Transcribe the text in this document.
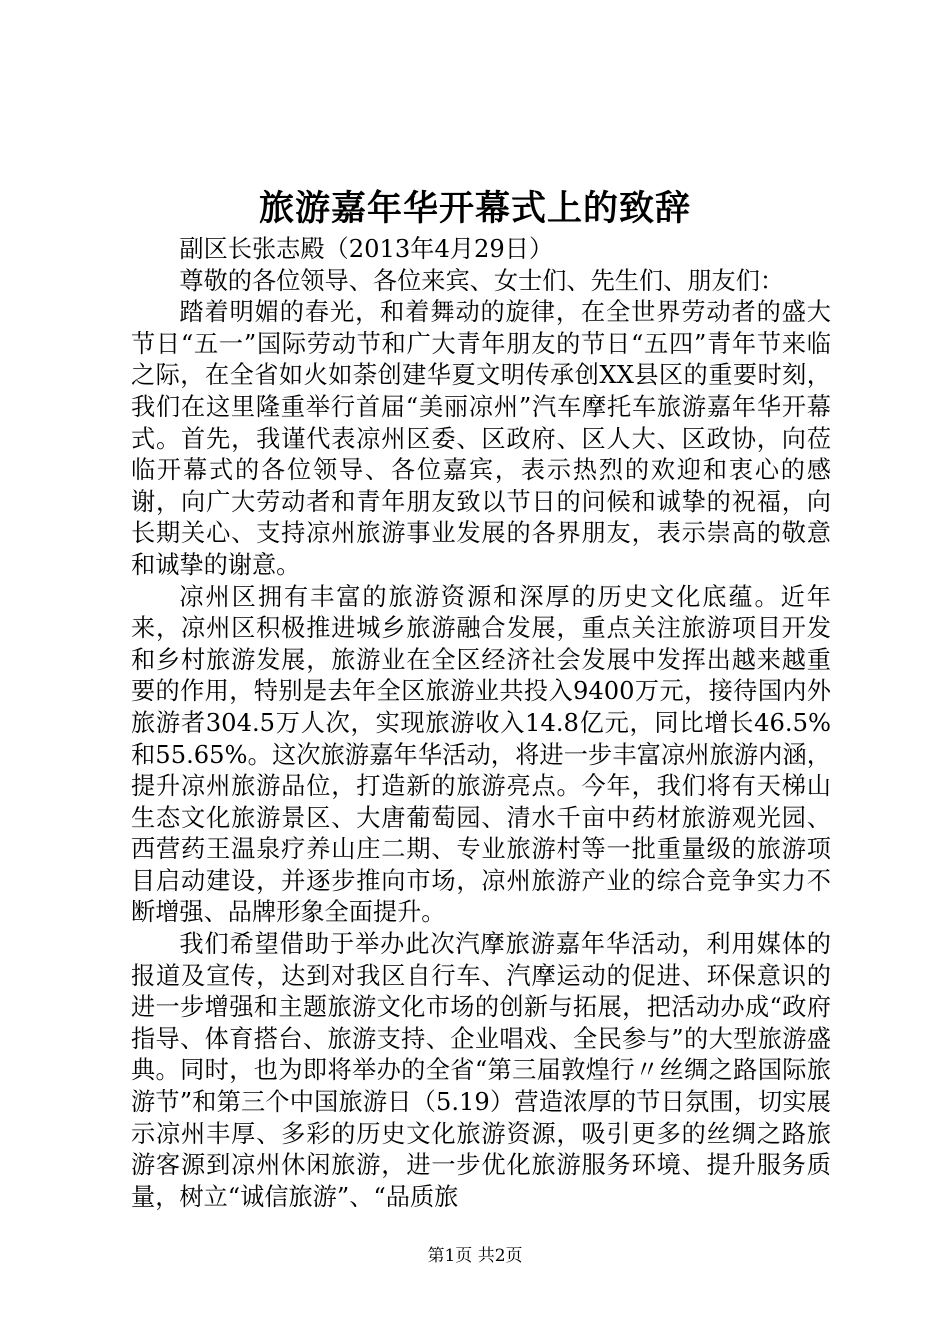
旅游嘉年华开幕式上的致辞

副区长张志殿（2013年4月29日）

尊敬的各位领导、各位来宾、女士们、先生们、朋友们：

踏着明媚的春光，和着舞动的旋律，在全世界劳动者的盛大节日“五一”国际劳动节和广大青年朋友的节日“五四”青年节来临之际，在全省如火如荼创建华夏文明传承创XX县区的重要时刻，我们在这里隆重举行首届“美丽凉州”汽车摩托车旅游嘉年华开幕式。首先，我谨代表凉州区委、区政府、区人大、区政协，向莅临开幕式的各位领导、各位嘉宾，表示热烈的欢迎和衷心的感谢，向广大劳动者和青年朋友致以节日的问候和诚挚的祝福，向长期关心、支持凉州旅游事业发展的各界朋友，表示崇高的敬意和诚挚的谢意。

凉州区拥有丰富的旅游资源和深厚的历史文化底蕴。近年来，凉州区积极推进城乡旅游融合发展，重点关注旅游项目开发和乡村旅游发展，旅游业在全区经济社会发展中发挥出越来越重要的作用，特别是去年全区旅游业共投入9400万元，接待国内外旅游者304.5万人次，实现旅游收入14.8亿元，同比增长46.5%和55.65%。这次旅游嘉年华活动，将进一步丰富凉州旅游内涵，提升凉州旅游品位，打造新的旅游亮点。今年，我们将有天梯山生态文化旅游景区、大唐葡萄园、清水千亩中药材旅游观光园、西营药王温泉疗养山庄二期、专业旅游村等一批重量级的旅游项目启动建设，并逐步推向市场，凉州旅游产业的综合竞争实力不断增强、品牌形象全面提升。

我们希望借助于举办此次汽摩旅游嘉年华活动，利用媒体的报道及宣传，达到对我区自行车、汽摩运动的促进、环保意识的进一步增强和主题旅游文化市场的创新与拓展，把活动办成“政府指导、体育搭台、旅游支持、企业唱戏、全民参与”的大型旅游盛典。同时，也为即将举办的全省“第三届敦煌行〃丝绸之路国际旅游节”和第三个中国旅游日（5.19）营造浓厚的节日氛围，切实展示凉州丰厚、多彩的历史文化旅游资源，吸引更多的丝绸之路旅游客源到凉州休闲旅游，进一步优化旅游服务环境、提升服务质量，树立“诚信旅游”、“品质旅

第1页 共2页
